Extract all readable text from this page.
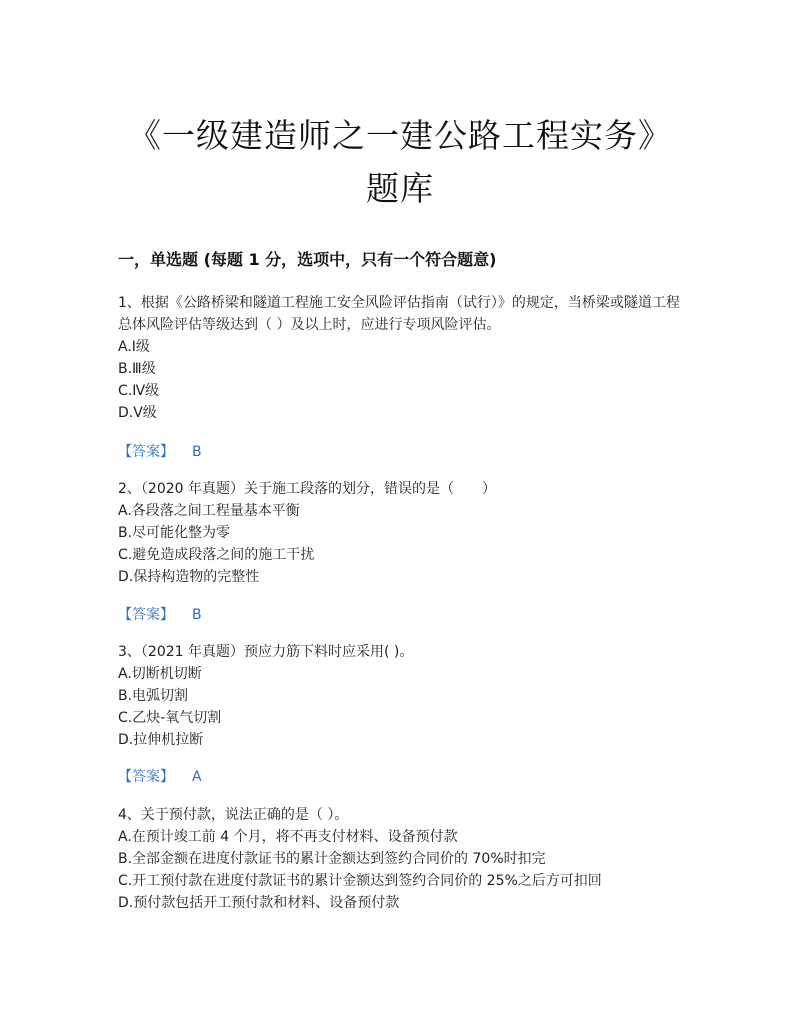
《一级建造师之一建公路工程实务》
题库
一，单选题 (每题 1 分，选项中，只有一个符合题意)

1、根据《公路桥梁和隧道工程施工安全风险评估指南（试行）》的规定，当桥梁或隧道工程总体风险评估等级达到（ ）及以上时，应进行专项风险评估。

A.Ⅰ级

B.Ⅲ级

C.Ⅳ级

D.Ⅴ级

【答案】 B

2、（2020 年真题）关于施工段落的划分，错误的是（　　）

A.各段落之间工程量基本平衡

B.尽可能化整为零

C.避免造成段落之间的施工干扰

D.保持构造物的完整性

【答案】 B

3、（2021 年真题）预应力筋下料时应采用( )。

A.切断机切断

B.电弧切割

C.乙炔-氧气切割

D.拉伸机拉断

【答案】 A

4、关于预付款，说法正确的是（ ）。

A.在预计竣工前 4 个月，将不再支付材料、设备预付款

B.全部金额在进度付款证书的累计金额达到签约合同价的 70%时扣完

C.开工预付款在进度付款证书的累计金额达到签约合同价的 25%之后方可扣回

D.预付款包括开工预付款和材料、设备预付款
